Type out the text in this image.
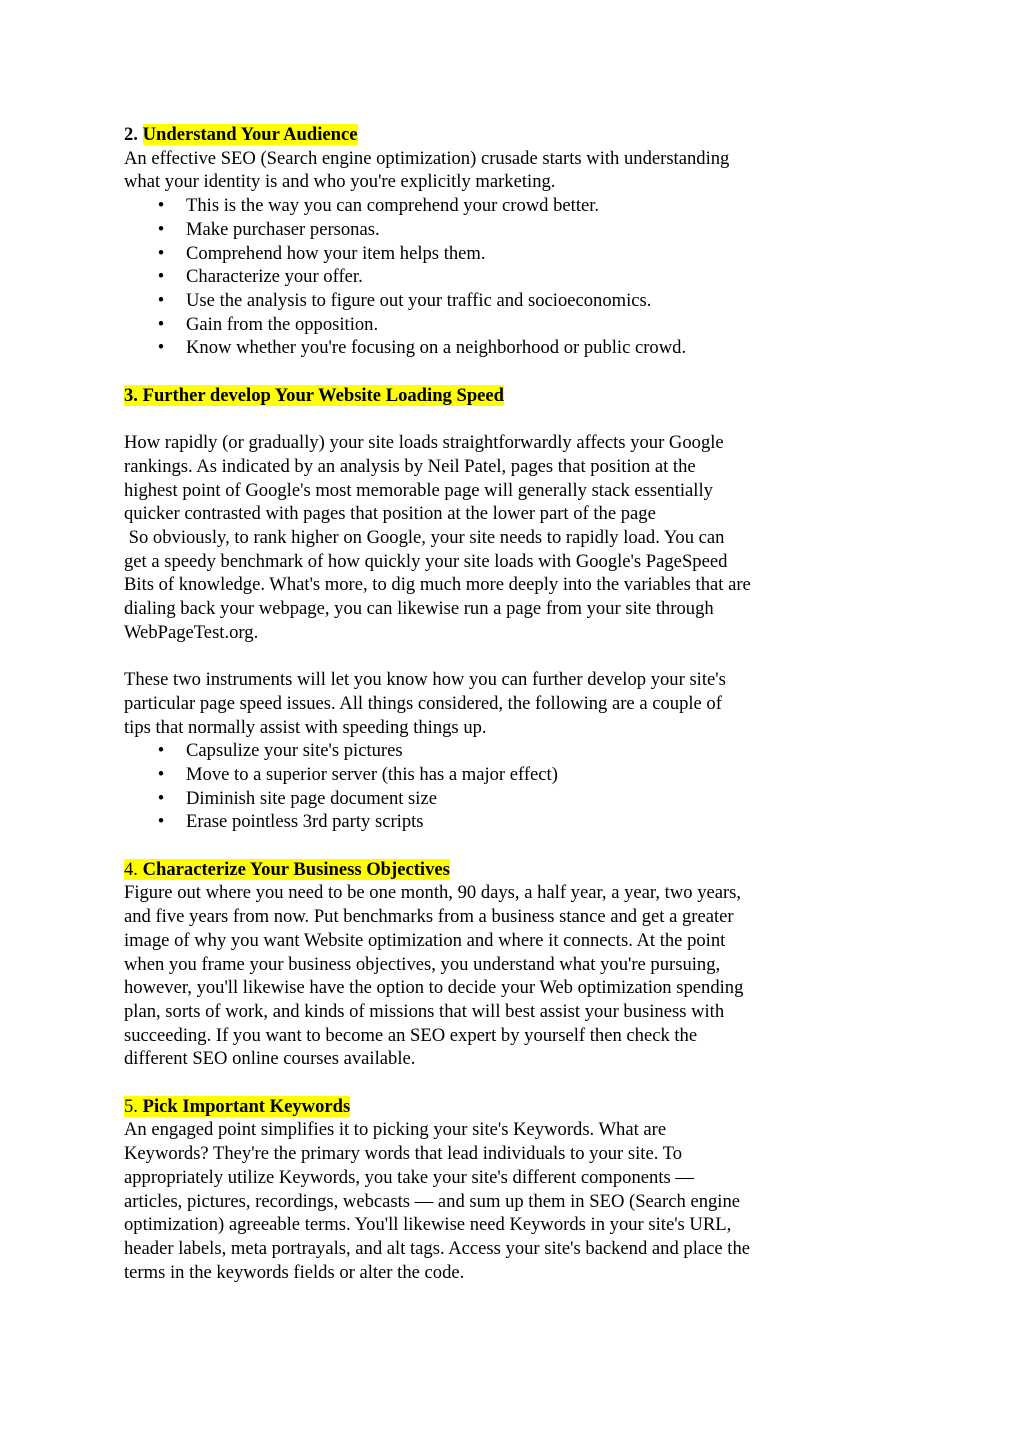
2. Understand Your Audience
An effective SEO (Search engine optimization) crusade starts with understanding
what your identity is and who you're explicitly marketing.
• This is the way you can comprehend your crowd better.
• Make purchaser personas.
• Comprehend how your item helps them.
• Characterize your offer.
• Use the analysis to figure out your traffic and socioeconomics.
• Gain from the opposition.
• Know whether you're focusing on a neighborhood or public crowd.
3. Further develop Your Website Loading Speed
How rapidly (or gradually) your site loads straightforwardly affects your Google
rankings. As indicated by an analysis by Neil Patel, pages that position at the
highest point of Google's most memorable page will generally stack essentially
quicker contrasted with pages that position at the lower part of the page
So obviously, to rank higher on Google, your site needs to rapidly load. You can
get a speedy benchmark of how quickly your site loads with Google's PageSpeed
Bits of knowledge. What's more, to dig much more deeply into the variables that are
dialing back your webpage, you can likewise run a page from your site through
WebPageTest.org.
These two instruments will let you know how you can further develop your site's
particular page speed issues. All things considered, the following are a couple of
tips that normally assist with speeding things up.
• Capsulize your site's pictures
• Move to a superior server (this has a major effect)
• Diminish site page document size
• Erase pointless 3rd party scripts
4. Characterize Your Business Objectives
Figure out where you need to be one month, 90 days, a half year, a year, two years,
and five years from now. Put benchmarks from a business stance and get a greater
image of why you want Website optimization and where it connects. At the point
when you frame your business objectives, you understand what you're pursuing,
however, you'll likewise have the option to decide your Web optimization spending
plan, sorts of work, and kinds of missions that will best assist your business with
succeeding. If you want to become an SEO expert by yourself then check the
different SEO online courses available.
5. Pick Important Keywords
An engaged point simplifies it to picking your site's Keywords. What are
Keywords? They're the primary words that lead individuals to your site. To
appropriately utilize Keywords, you take your site's different components —
articles, pictures, recordings, webcasts — and sum up them in SEO (Search engine
optimization) agreeable terms. You'll likewise need Keywords in your site's URL,
header labels, meta portrayals, and alt tags. Access your site's backend and place the
terms in the keywords fields or alter the code.
